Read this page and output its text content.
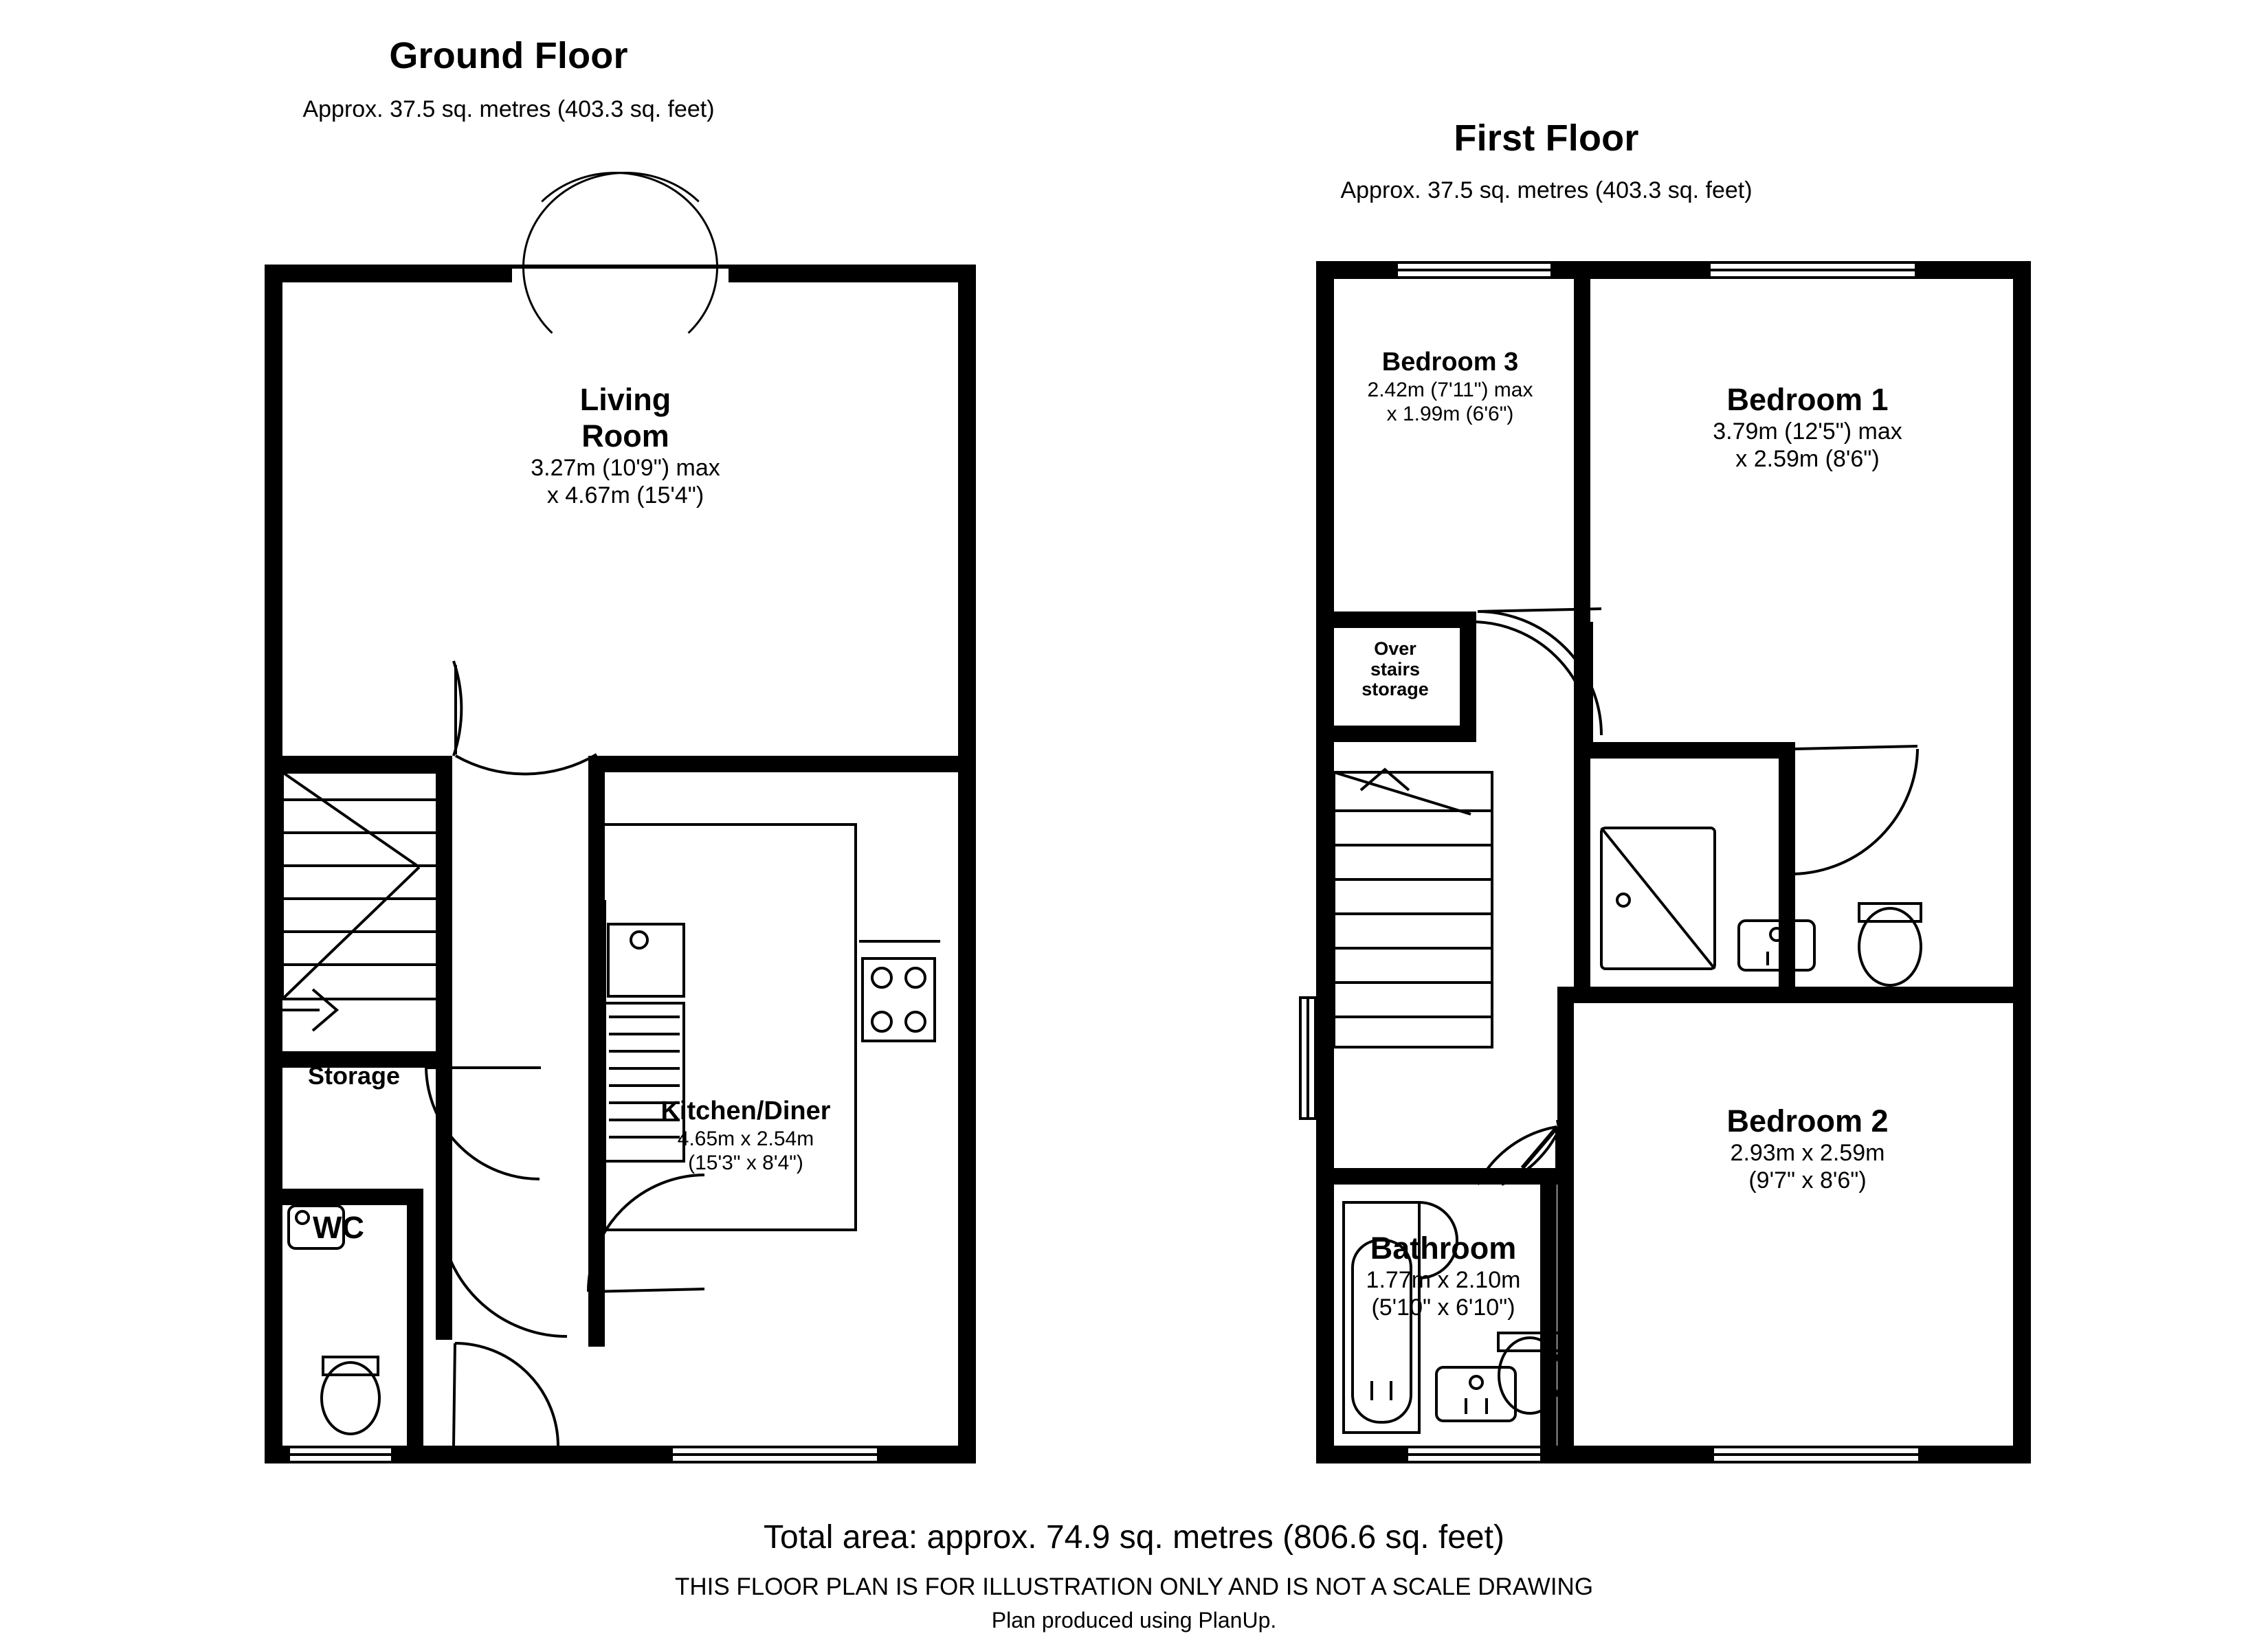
Ground Floor
Approx. 37.5 sq. metres (403.3 sq. feet)
Living
Room
3.27m (10'9") max
x 4.67m (15'4")
Kitchen/Diner
4.65m x 2.54m
(15'3" x 8'4")
Storage
WC
First Floor
Approx. 37.5 sq. metres (403.3 sq. feet)
Bedroom 3
2.42m (7'11") max
x 1.99m (6'6")	Bedroom 1
3.79m (12'5") max
x 2.59m (8'6")
Bedroom 2
2.93m x 2.59m
(9'7" x 8'6")
Bathroom
1.77m x 2.10m
(5'10" x 6'10")
Over
stairs
storage
Total area: approx. 74.9 sq. metres (806.6 sq. feet)
THIS FLOOR PLAN IS FOR ILLUSTRATION ONLY AND IS NOT A SCALE DRAWING
Plan produced using PlanUp.
